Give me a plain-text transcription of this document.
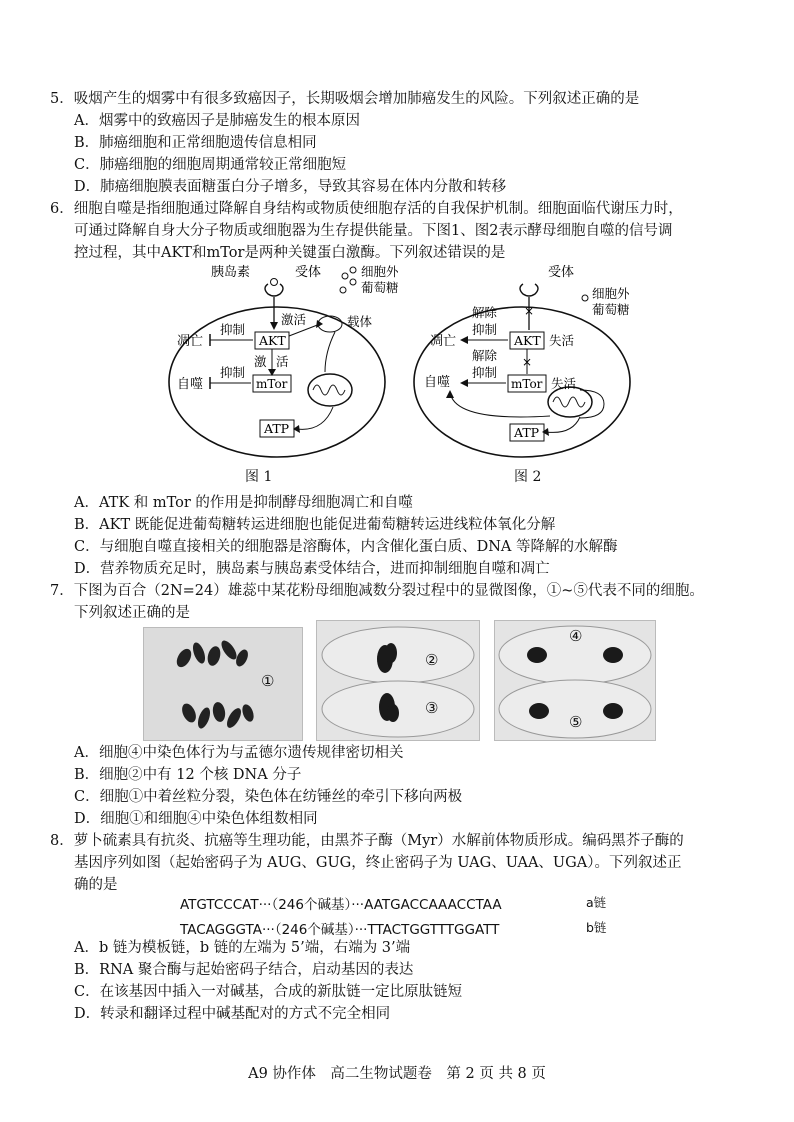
5．吸烟产生的烟雾中有很多致癌因子，长期吸烟会增加肺癌发生的风险。下列叙述正确的是
A．烟雾中的致癌因子是肺癌发生的根本原因
B．肺癌细胞和正常细胞遗传信息相同
C．肺癌细胞的细胞周期通常较正常细胞短
D．肺癌细胞膜表面糖蛋白分子增多，导致其容易在体内分散和转移
6．细胞自噬是指细胞通过降解自身结构或物质使细胞存活的自我保护机制。细胞面临代谢压力时，
可通过降解自身大分子物质或细胞器为生存提供能量。下图1、图2表示酵母细胞自噬的信号调
控过程，其中AKT和mTor是两种关键蛋白激酶。下列叙述错误的是
胰岛素	受体	细胞外
葡萄糖
载体
激活
抑制
凋亡	AKT
激 活
抑制
自噬	mTor
ATP
图 1
×
×
受体
细胞外
葡萄糖
解除
抑制
解除
抑制
凋亡	AKT 失活
自噬	mTor 失活
ATP
图 2
A．ATK 和 mTor 的作用是抑制酵母细胞凋亡和自噬
B．AKT 既能促进葡萄糖转运进细胞也能促进葡萄糖转运进线粒体氧化分解
C．与细胞自噬直接相关的细胞器是溶酶体，内含催化蛋白质、DNA 等降解的水解酶
D．营养物质充足时，胰岛素与胰岛素受体结合，进而抑制细胞自噬和凋亡
7．下图为百合（2N=24）雄蕊中某花粉母细胞减数分裂过程中的显微图像，①~⑤代表不同的细胞。
下列叙述正确的是
①
②
③
④
⑤
A．细胞④中染色体行为与孟德尔遗传规律密切相关
B．细胞②中有 12 个核 DNA 分子
C．细胞①中着丝粒分裂，染色体在纺锤丝的牵引下移向两极
D．细胞①和细胞④中染色体组数相同
8．萝卜硫素具有抗炎、抗癌等生理功能，由黑芥子酶（Myr）水解前体物质形成。编码黑芥子酶的
基因序列如图（起始密码子为 AUG、GUG，终止密码子为 UAG、UAA、UGA）。下列叙述正
确的是
ATGTCCCAT···（246个碱基）···AATGACCAAACCTAA	a链
TACAGGGTA···（246个碱基）···TTACTGGTTTGGATT	b链
A．b 链为模板链，b 链的左端为 5’端，右端为 3’端
B．RNA 聚合酶与起始密码子结合，启动基因的表达
C．在该基因中插入一对碱基，合成的新肽链一定比原肽链短
D．转录和翻译过程中碱基配对的方式不完全相同
A9 协作体　高二生物试题卷　第 2 页 共 8 页
